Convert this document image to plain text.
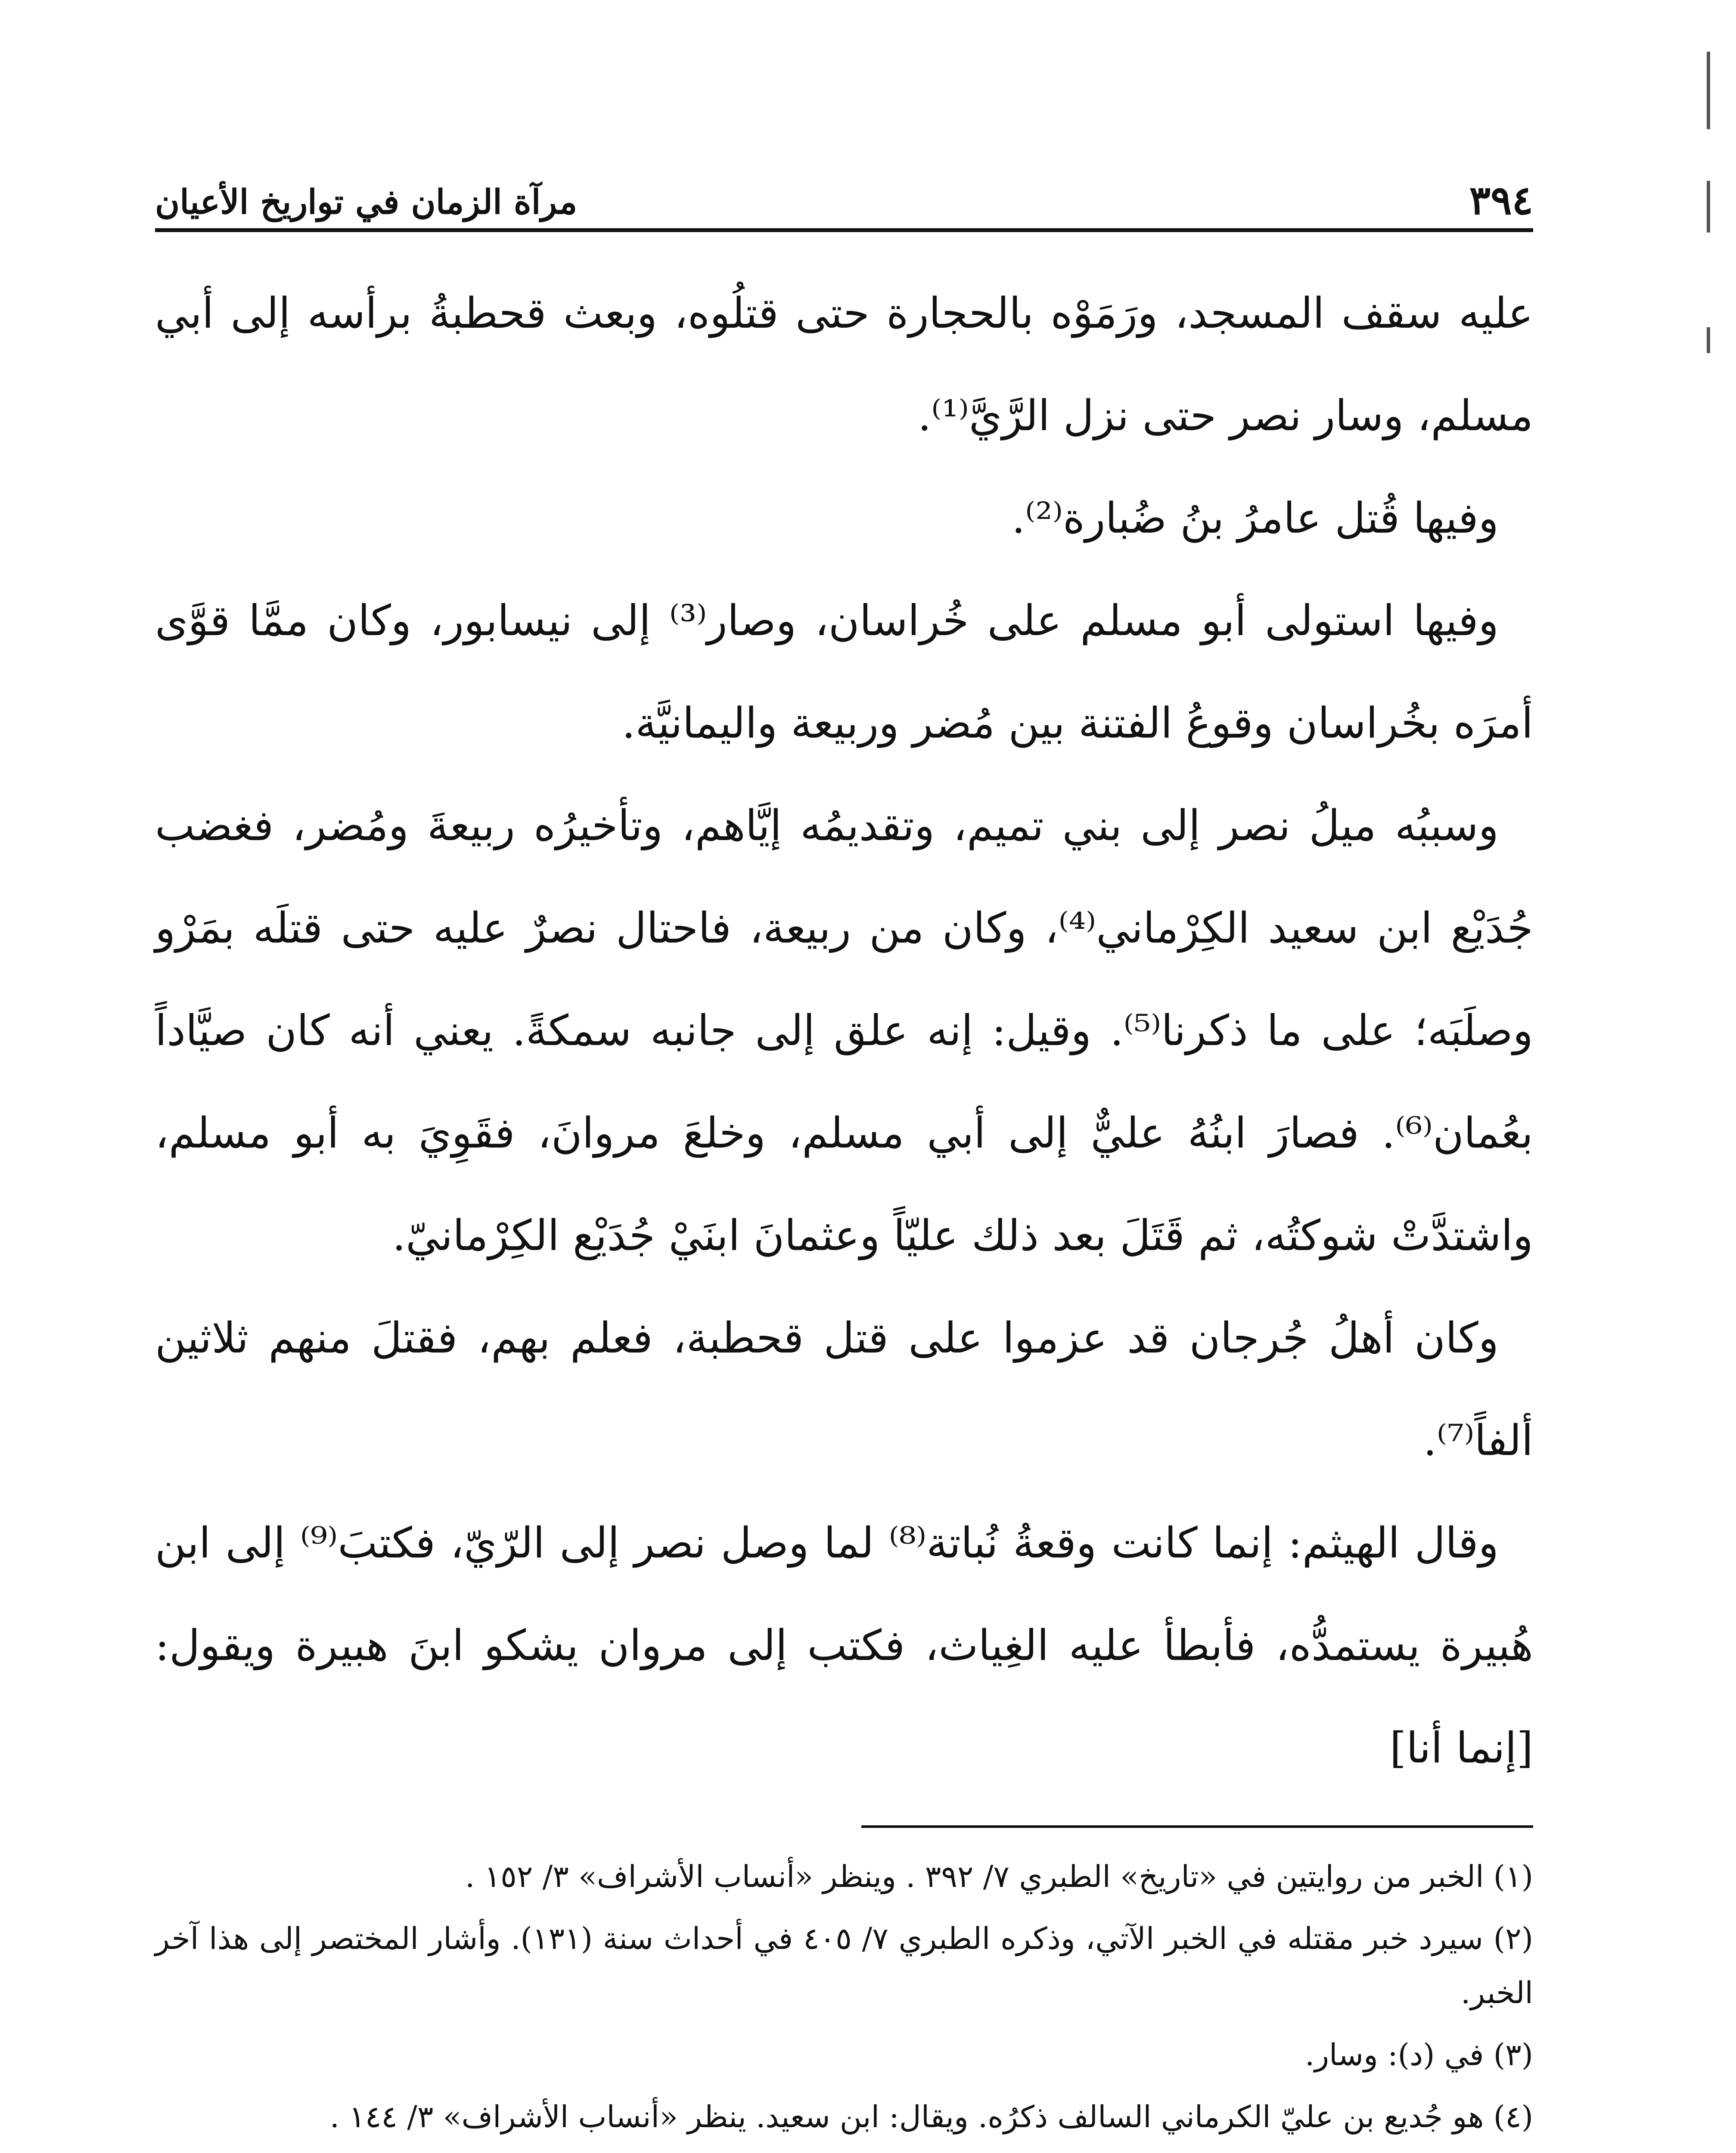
٣٩٤
مرآة الزمان في تواريخ الأعيان

عليه سقف المسجد، ورَمَوْه بالحجارة حتى قتلُوه، وبعث قحطبةُ برأسه إلى أبي مسلم، وسار نصر حتى نزل الرَّيَّ⁽¹⁾.

وفيها قُتل عامرُ بنُ ضُبارة⁽²⁾.

وفيها استولى أبو مسلم على خُراسان، وصار⁽³⁾ إلى نيسابور، وكان ممَّا قوَّى أمرَه بخُراسان وقوعُ الفتنة بين مُضر وربيعة واليمانيَّة.

وسببُه ميلُ نصر إلى بني تميم، وتقديمُه إيَّاهم، وتأخيرُه ربيعةَ ومُضر، فغضب جُدَيْع ابن سعيد الكِرْماني⁽⁴⁾، وكان من ربيعة، فاحتال نصرٌ عليه حتى قتلَه بمَرْو وصلَبَه؛ على ما ذكرنا⁽⁵⁾. وقيل: إنه علق إلى جانبه سمكةً. يعني أنه كان صيَّاداً بعُمان⁽⁶⁾. فصارَ ابنُهُ عليٌّ إلى أبي مسلم، وخلعَ مروانَ، فقَوِيَ به أبو مسلم، واشتدَّتْ شوكتُه، ثم قَتَلَ بعد ذلك عليّاً وعثمانَ ابنَيْ جُدَيْع الكِرْمانيّ.

وكان أهلُ جُرجان قد عزموا على قتل قحطبة، فعلم بهم، فقتلَ منهم ثلاثين ألفاً⁽⁷⁾.

وقال الهيثم: إنما كانت وقعةُ نُباتة⁽⁸⁾ لما وصل نصر إلى الرّيّ، فكتبَ⁽⁹⁾ إلى ابن هُبيرة يستمدُّه، فأبطأ عليه الغِياث، فكتب إلى مروان يشكو ابنَ هبيرة ويقول: [إنما أنا]

(١) الخبر من روايتين في «تاريخ» الطبري ٧/ ٣٩٢ . وينظر «أنساب الأشراف» ٣/ ١٥٢ .

(٢) سيرد خبر مقتله في الخبر الآتي، وذكره الطبري ٧/ ٤٠٥ في أحداث سنة (١٣١). وأشار المختصر إلى هذا آخر الخبر.

(٣) في (د): وسار.

(٤) هو جُديع بن عليّ الكرماني السالف ذكرُه. ويقال: ابن سعيد. ينظر «أنساب الأشراف» ٣/ ١٤٤ .
